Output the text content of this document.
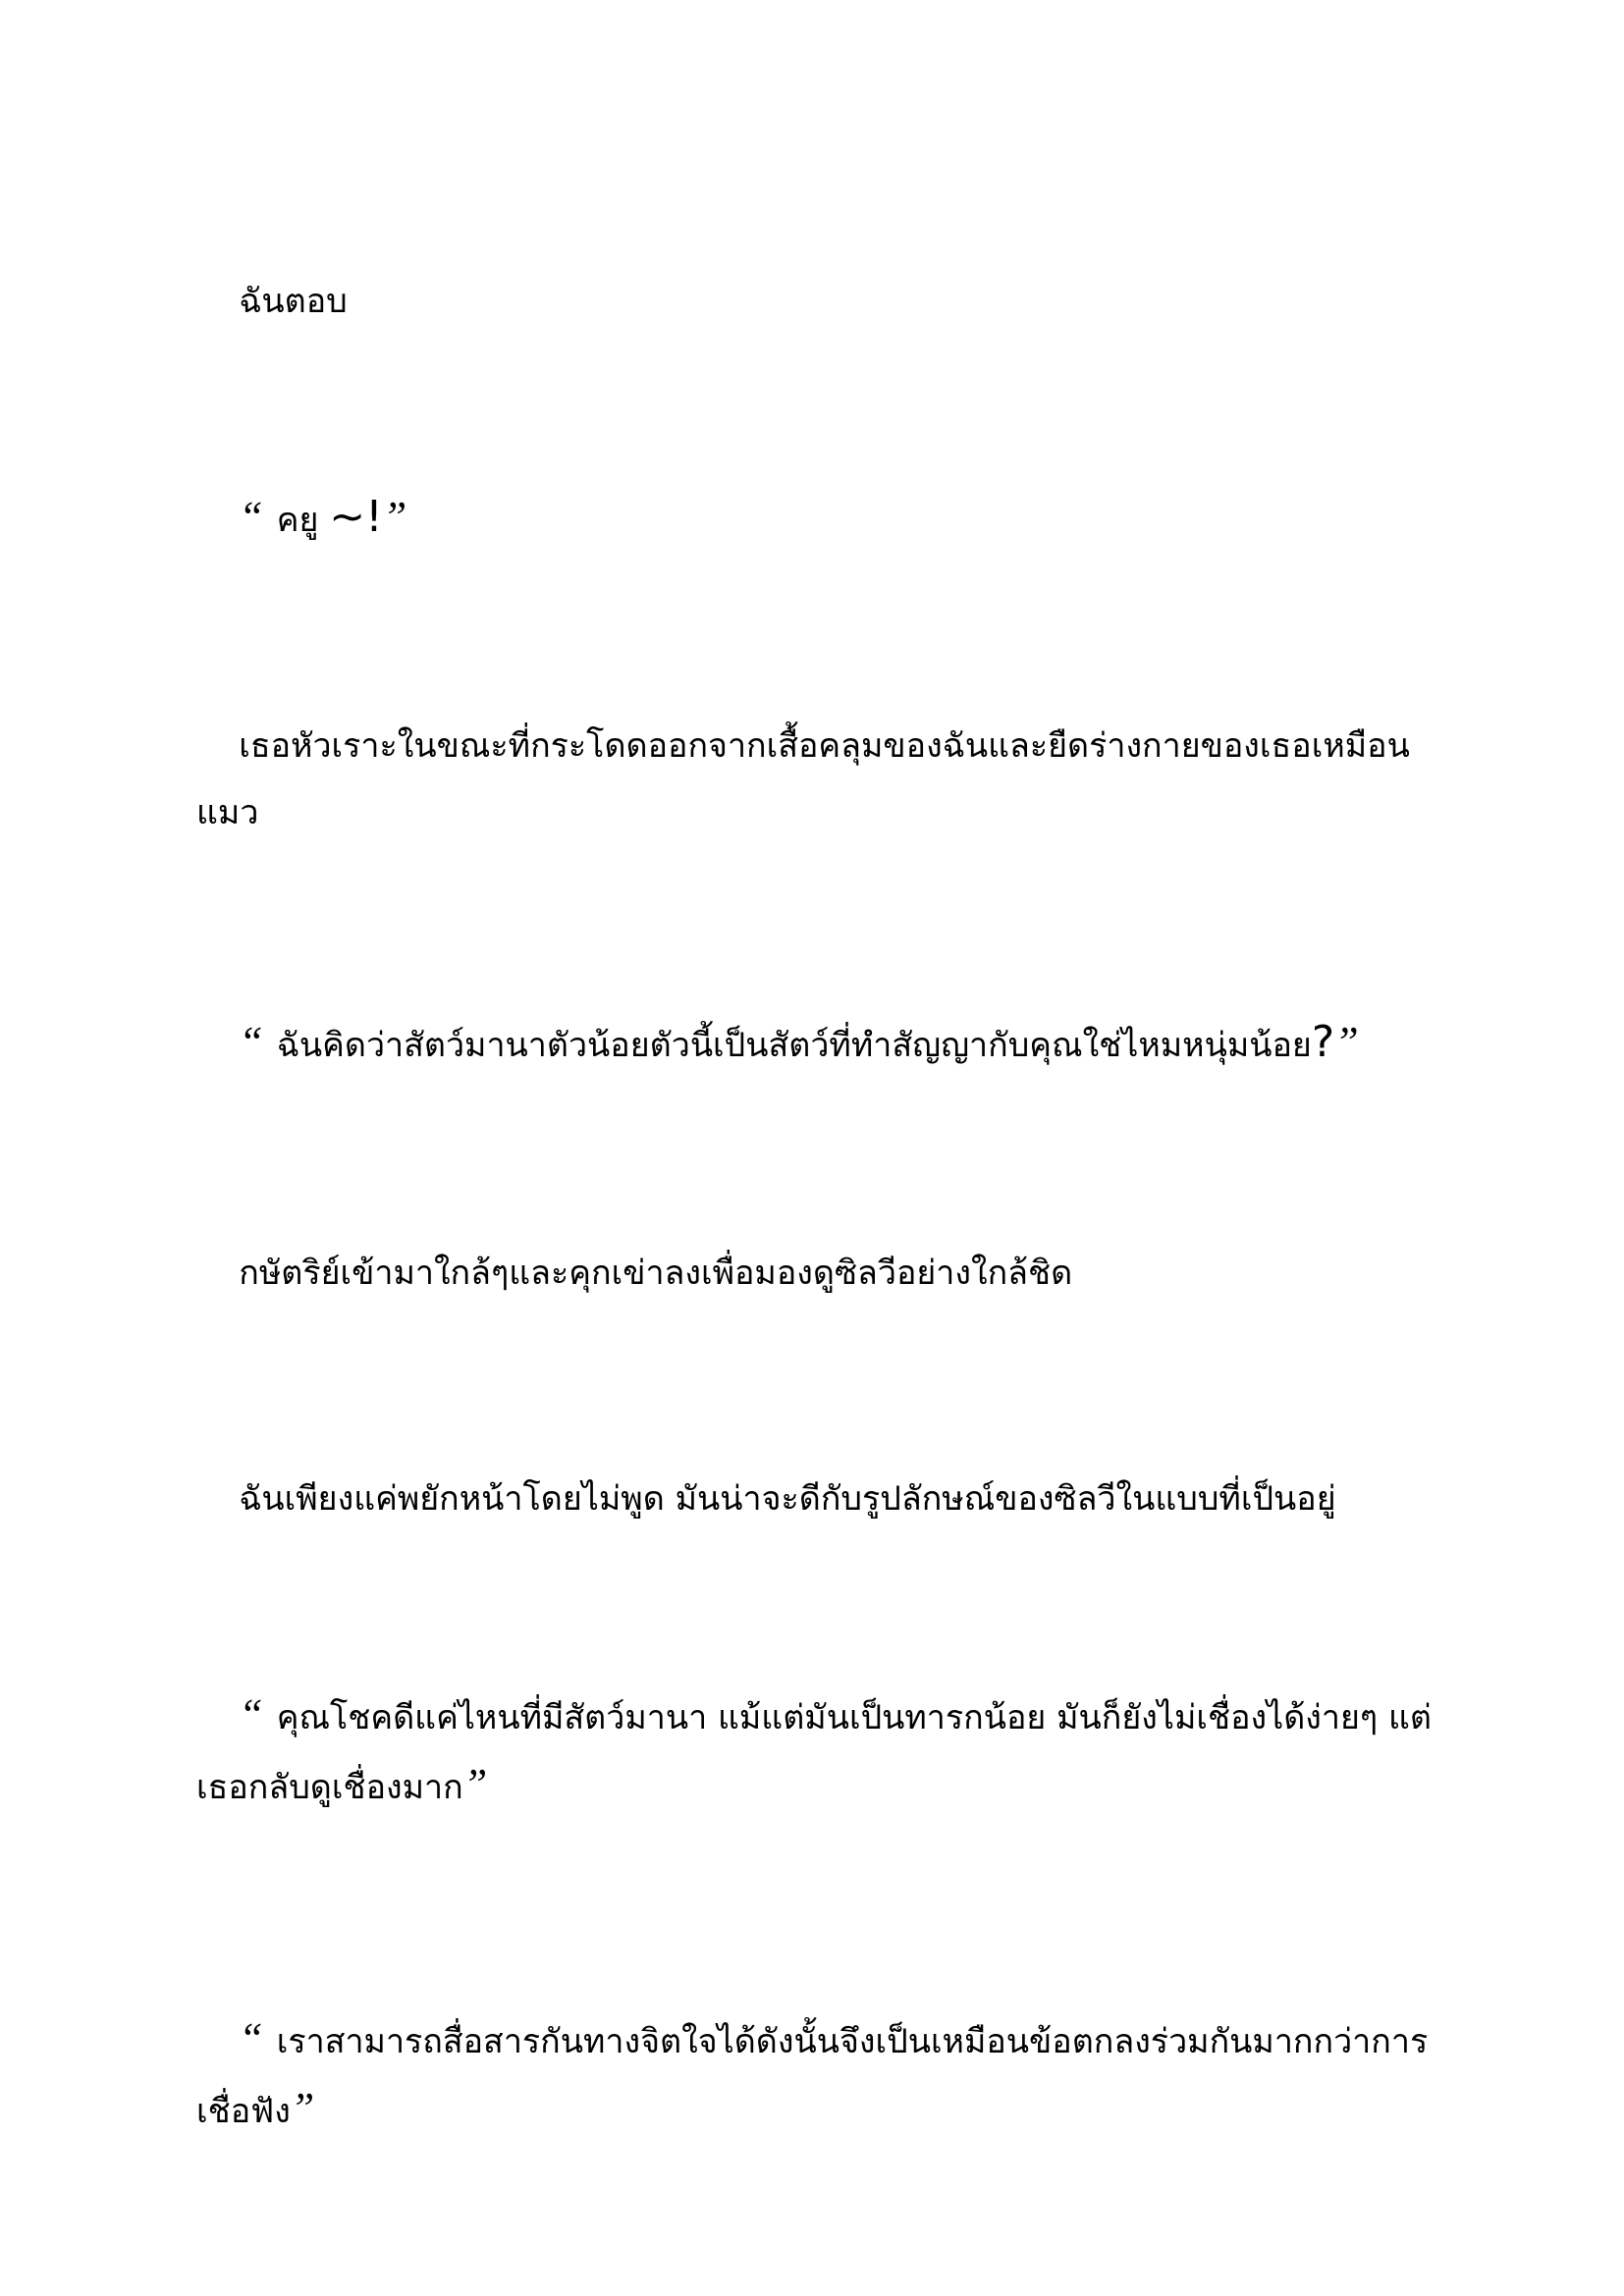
ฉันตอบ

“ คยู ~!”

เธอหัวเราะในขณะที่กระโดดออกจากเสื้อคลุมของฉันและยืดร่างกายของเธอเหมือนแมว

“ ฉันคิดว่าสัตว์มานาตัวน้อยตัวนี้เป็นสัตว์ที่ทำสัญญากับคุณใช่ไหมหนุ่มน้อย?”

กษัตริย์เข้ามาใกล้ๆและคุกเข่าลงเพื่อมองดูซิลวีอย่างใกล้ชิด

ฉันเพียงแค่พยักหน้าโดยไม่พูด มันน่าจะดีกับรูปลักษณ์ของซิลวีในแบบที่เป็นอยู่

“ คุณโชคดีแค่ไหนที่มีสัตว์มานา แม้แต่มันเป็นทารกน้อย มันก็ยังไม่เชื่องได้ง่ายๆ แต่เธอกลับดูเชื่องมาก”

“ เราสามารถสื่อสารกันทางจิตใจได้ดังนั้นจึงเป็นเหมือนข้อตกลงร่วมกันมากกว่าการเชื่อฟัง”
